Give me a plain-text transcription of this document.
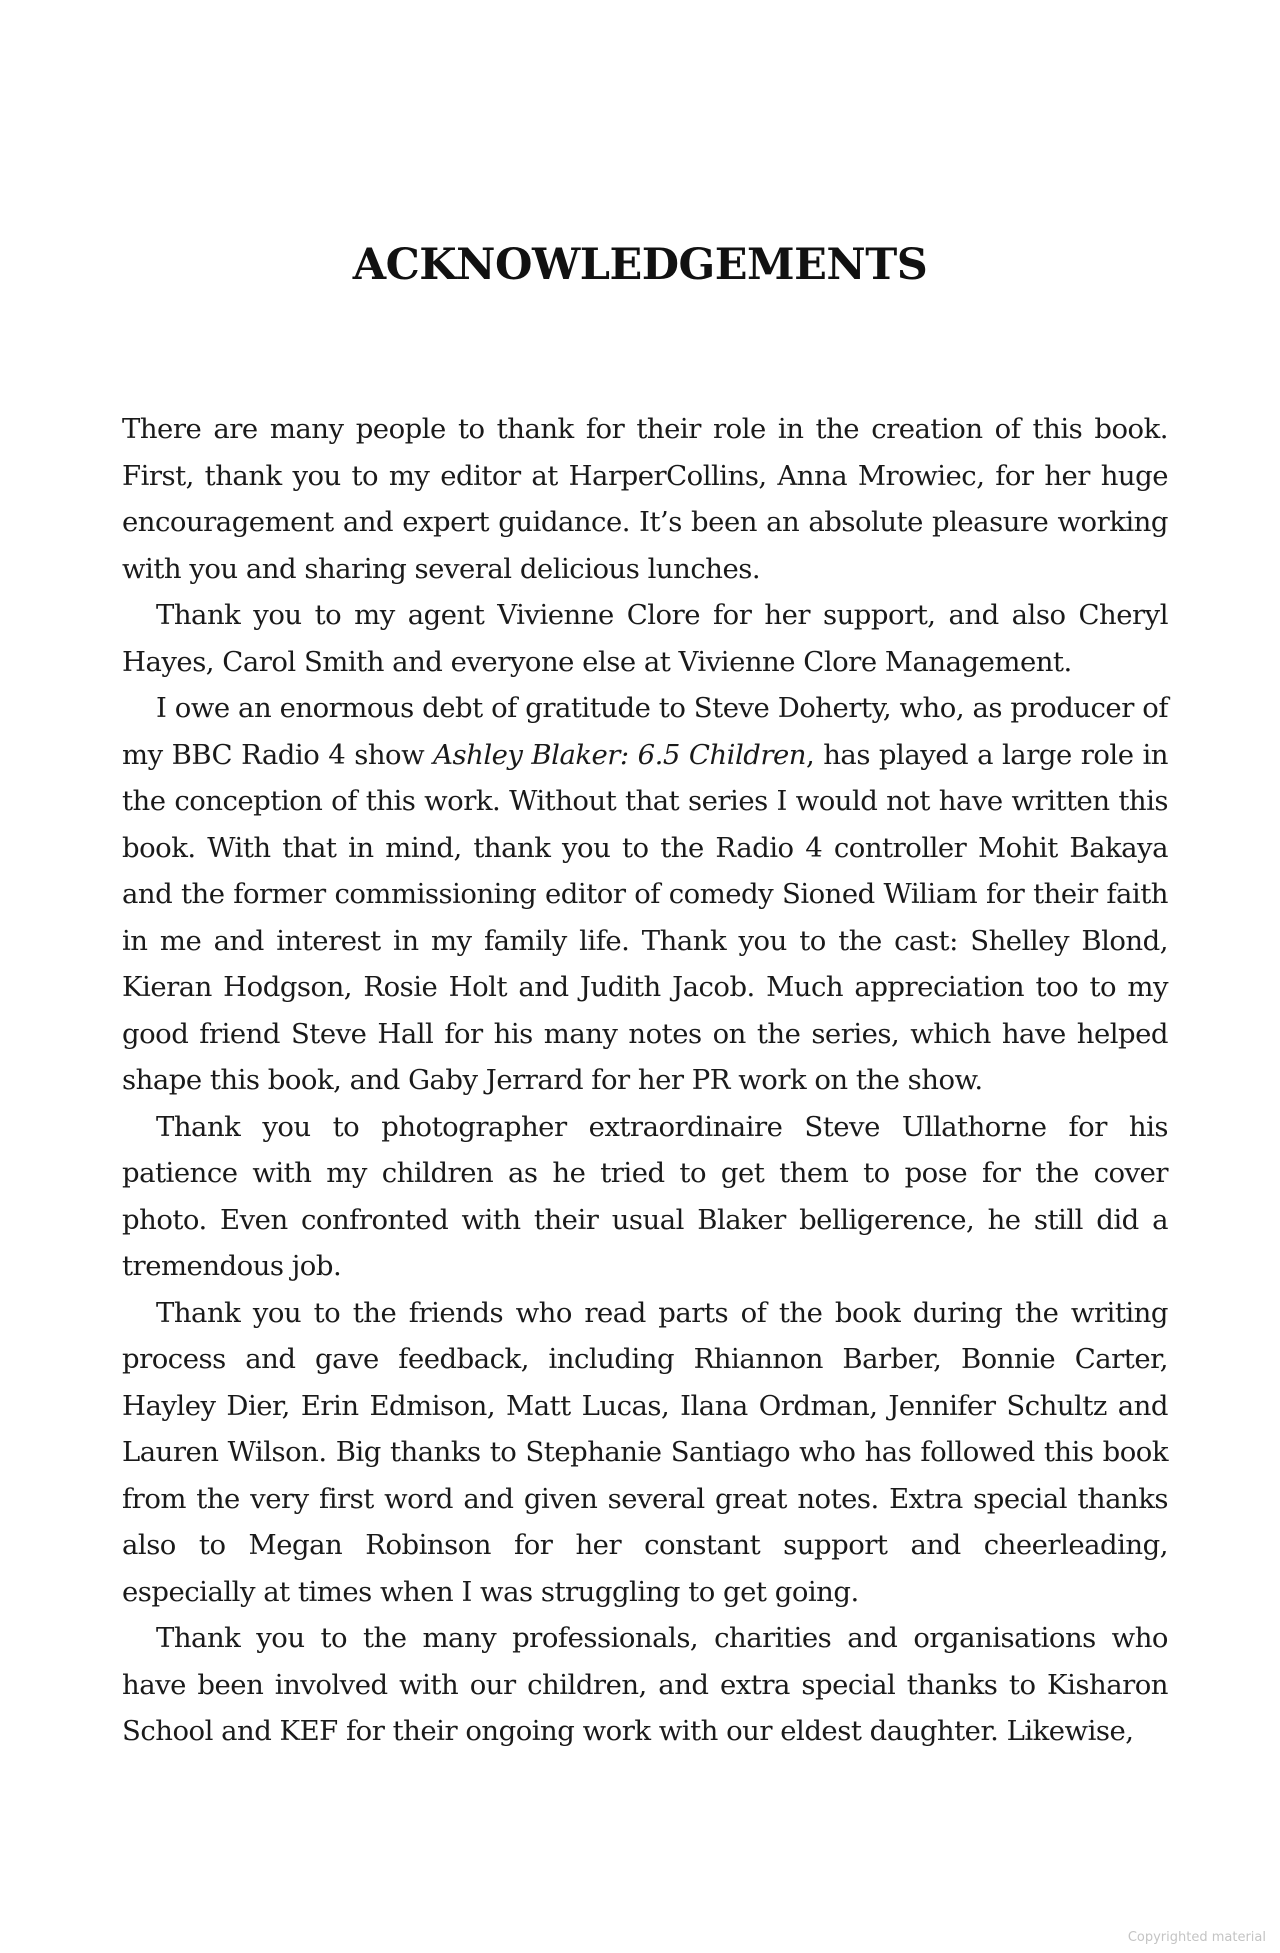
ACKNOWLEDGEMENTS

There are many people to thank for their role in the creation of this book. First, thank you to my editor at HarperCollins, Anna Mrowiec, for her huge encouragement and expert guidance. It’s been an absolute pleasure working with you and sharing several delicious lunches.

Thank you to my agent Vivienne Clore for her support, and also Cheryl Hayes, Carol Smith and everyone else at Vivienne Clore Management.

I owe an enormous debt of gratitude to Steve Doherty, who, as producer of my BBC Radio 4 show Ashley Blaker: 6.5 Children, has played a large role in the conception of this work. Without that series I would not have written this book. With that in mind, thank you to the Radio 4 controller Mohit Bakaya and the former commissioning editor of comedy Sioned Wiliam for their faith in me and interest in my family life. Thank you to the cast: Shelley Blond, Kieran Hodgson, Rosie Holt and Judith Jacob. Much appreciation too to my good friend Steve Hall for his many notes on the series, which have helped shape this book, and Gaby Jerrard for her PR work on the show.

Thank you to photographer extraordinaire Steve Ullathorne for his patience with my children as he tried to get them to pose for the cover photo. Even confronted with their usual Blaker belligerence, he still did a tremendous job.

Thank you to the friends who read parts of the book during the writing process and gave feedback, including Rhiannon Barber, Bonnie Carter, Hayley Dier, Erin Edmison, Matt Lucas, Ilana Ordman, Jennifer Schultz and Lauren Wilson. Big thanks to Stephanie Santiago who has followed this book from the very first word and given several great notes. Extra special thanks also to Megan Robinson for her constant support and cheerleading, especially at times when I was struggling to get going.

Thank you to the many professionals, charities and organisations who have been involved with our children, and extra special thanks to Kisharon School and KEF for their ongoing work with our eldest daughter. Likewise,

Copyrighted material
